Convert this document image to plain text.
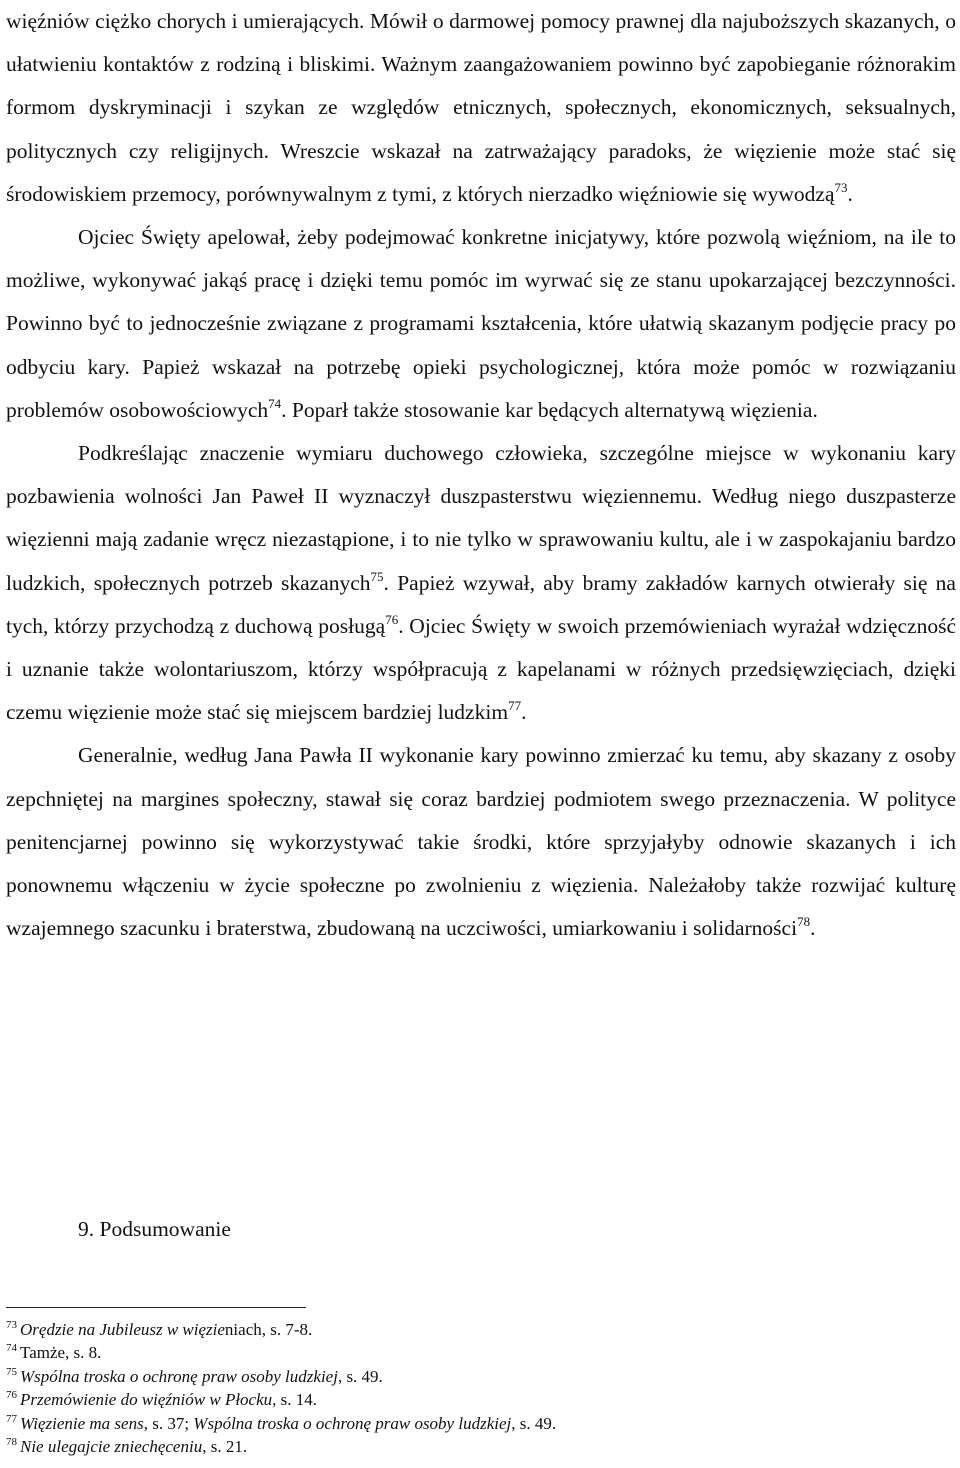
więźniów ciężko chorych i umierających. Mówił o darmowej pomocy prawnej dla najuboższych skazanych, o ułatwieniu kontaktów z rodziną i bliskimi. Ważnym zaangażowaniem powinno być zapobieganie różnorakim formom dyskryminacji i szykan ze względów etnicznych, społecznych, ekonomicznych, seksualnych, politycznych czy religijnych. Wreszcie wskazał na zatrważający paradoks, że więzienie może stać się środowiskiem przemocy, porównywalnym z tymi, z których nierzadko więźniowie się wywodzą$^{73}$.

Ojciec Święty apelował, żeby podejmować konkretne inicjatywy, które pozwolą więźniom, na ile to możliwe, wykonywać jakąś pracę i dzięki temu pomóc im wyrwać się ze stanu upokarzającej bezczynności. Powinno być to jednocześnie związane z programami kształcenia, które ułatwią skazanym podjęcie pracy po odbyciu kary. Papież wskazał na potrzebę opieki psychologicznej, która może pomóc w rozwiązaniu problemów osobowościowych$^{74}$. Poparł także stosowanie kar będących alternatywą więzienia.

Podkreślając znaczenie wymiaru duchowego człowieka, szczególne miejsce w wykonaniu kary pozbawienia wolności Jan Paweł II wyznaczył duszpasterstwu więziennemu. Według niego duszpasterze więzienni mają zadanie wręcz niezastąpione, i to nie tylko w sprawowaniu kultu, ale i w zaspokajaniu bardzo ludzkich, społecznych potrzeb skazanych$^{75}$. Papież wzywał, aby bramy zakładów karnych otwierały się na tych, którzy przychodzą z duchową posługą$^{76}$. Ojciec Święty w swoich przemówieniach wyrażał wdzięczność i uznanie także wolontariuszom, którzy współpracują z kapelanami w różnych przedsięwzięciach, dzięki czemu więzienie może stać się miejscem bardziej ludzkim$^{77}$.

Generalnie, według Jana Pawła II wykonanie kary powinno zmierzać ku temu, aby skazany z osoby zepchniętej na margines społeczny, stawał się coraz bardziej podmiotem swego przeznaczenia. W polityce penitencjarnej powinno się wykorzystywać takie środki, które sprzyjałyby odnowie skazanych i ich ponownemu włączeniu w życie społeczne po zwolnieniu z więzienia. Należałoby także rozwijać kulturę wzajemnego szacunku i braterstwa, zbudowaną na uczciwości, umiarkowaniu i solidarności$^{78}$.

9. Podsumowanie
$^{73}$ Orędzie na Jubileusz w więzieniach, s. 7-8.
$^{74}$ Tamże, s. 8.
$^{75}$ Wspólna troska o ochronę praw osoby ludzkiej, s. 49.
$^{76}$ Przemówienie do więźniów w Płocku, s. 14.
$^{77}$ Więzienie ma sens, s. 37; Wspólna troska o ochronę praw osoby ludzkiej, s. 49.
$^{78}$ Nie ulegajcie zniechęceniu, s. 21.
